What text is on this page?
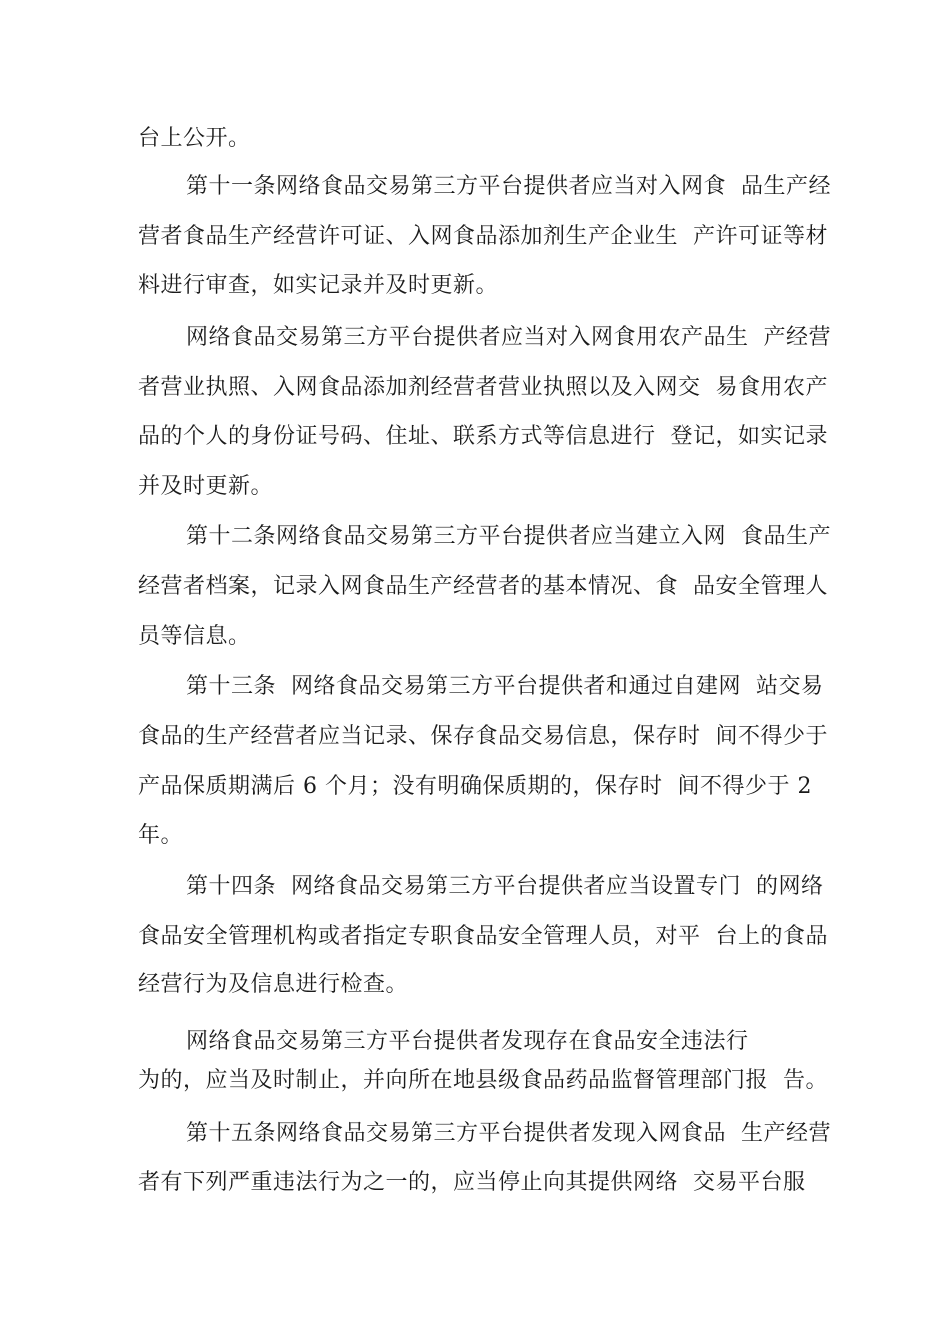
台上公开。
第十一条网络食品交易第三方平台提供者应当对入网食  品生产经
营者食品生产经营许可证、入网食品添加剂生产企业生  产许可证等材
料进行审查，如实记录并及时更新。
网络食品交易第三方平台提供者应当对入网食用农产品生  产经营
者营业执照、入网食品添加剂经营者营业执照以及入网交  易食用农产
品的个人的身份证号码、住址、联系方式等信息进行  登记，如实记录
并及时更新。
第十二条网络食品交易第三方平台提供者应当建立入网  食品生产
经营者档案，记录入网食品生产经营者的基本情况、食  品安全管理人
员等信息。
第十三条  网络食品交易第三方平台提供者和通过自建网  站交易
食品的生产经营者应当记录、保存食品交易信息，保存时  间不得少于
产品保质期满后 6 个月；没有明确保质期的，保存时  间不得少于 2
年。
第十四条  网络食品交易第三方平台提供者应当设置专门  的网络
食品安全管理机构或者指定专职食品安全管理人员，对平  台上的食品
经营行为及信息进行检查。
网络食品交易第三方平台提供者发现存在食品安全违法行
为的，应当及时制止，并向所在地县级食品药品监督管理部门报  告。
第十五条网络食品交易第三方平台提供者发现入网食品  生产经营
者有下列严重违法行为之一的，应当停止向其提供网络  交易平台服
